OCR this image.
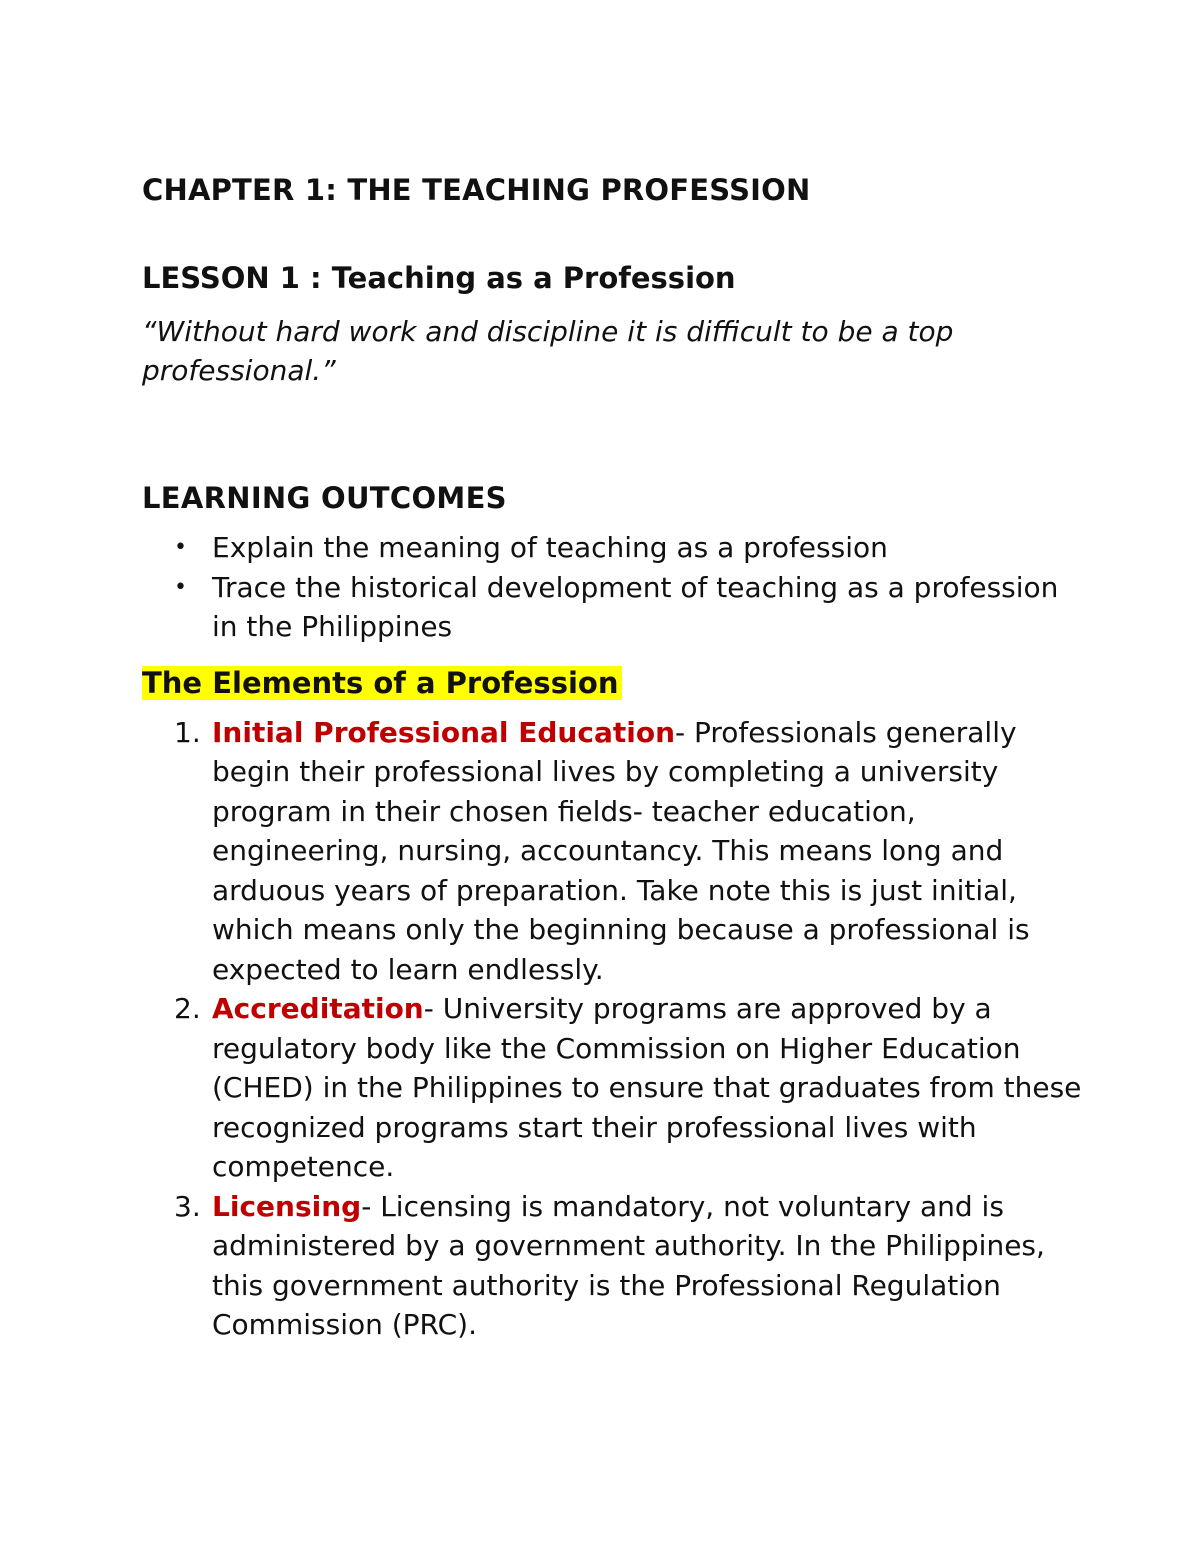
CHAPTER 1: THE TEACHING PROFESSION
LESSON 1 : Teaching as a Profession

“Without hard work and discipline it is difficult to be a top professional.”

LEARNING OUTCOMES
• Explain the meaning of teaching as a profession
• Trace the historical development of teaching as a profession in the Philippines
The Elements of a Profession
1. Initial Professional Education- Professionals generally begin their professional lives by completing a university program in their chosen fields- teacher education, engineering, nursing, accountancy. This means long and arduous years of preparation. Take note this is just initial, which means only the beginning because a professional is expected to learn endlessly.
2. Accreditation- University programs are approved by a regulatory body like the Commission on Higher Education (CHED) in the Philippines to ensure that graduates from these recognized programs start their professional lives with competence.
3. Licensing- Licensing is mandatory, not voluntary and is administered by a government authority. In the Philippines, this government authority is the Professional Regulation Commission (PRC).
